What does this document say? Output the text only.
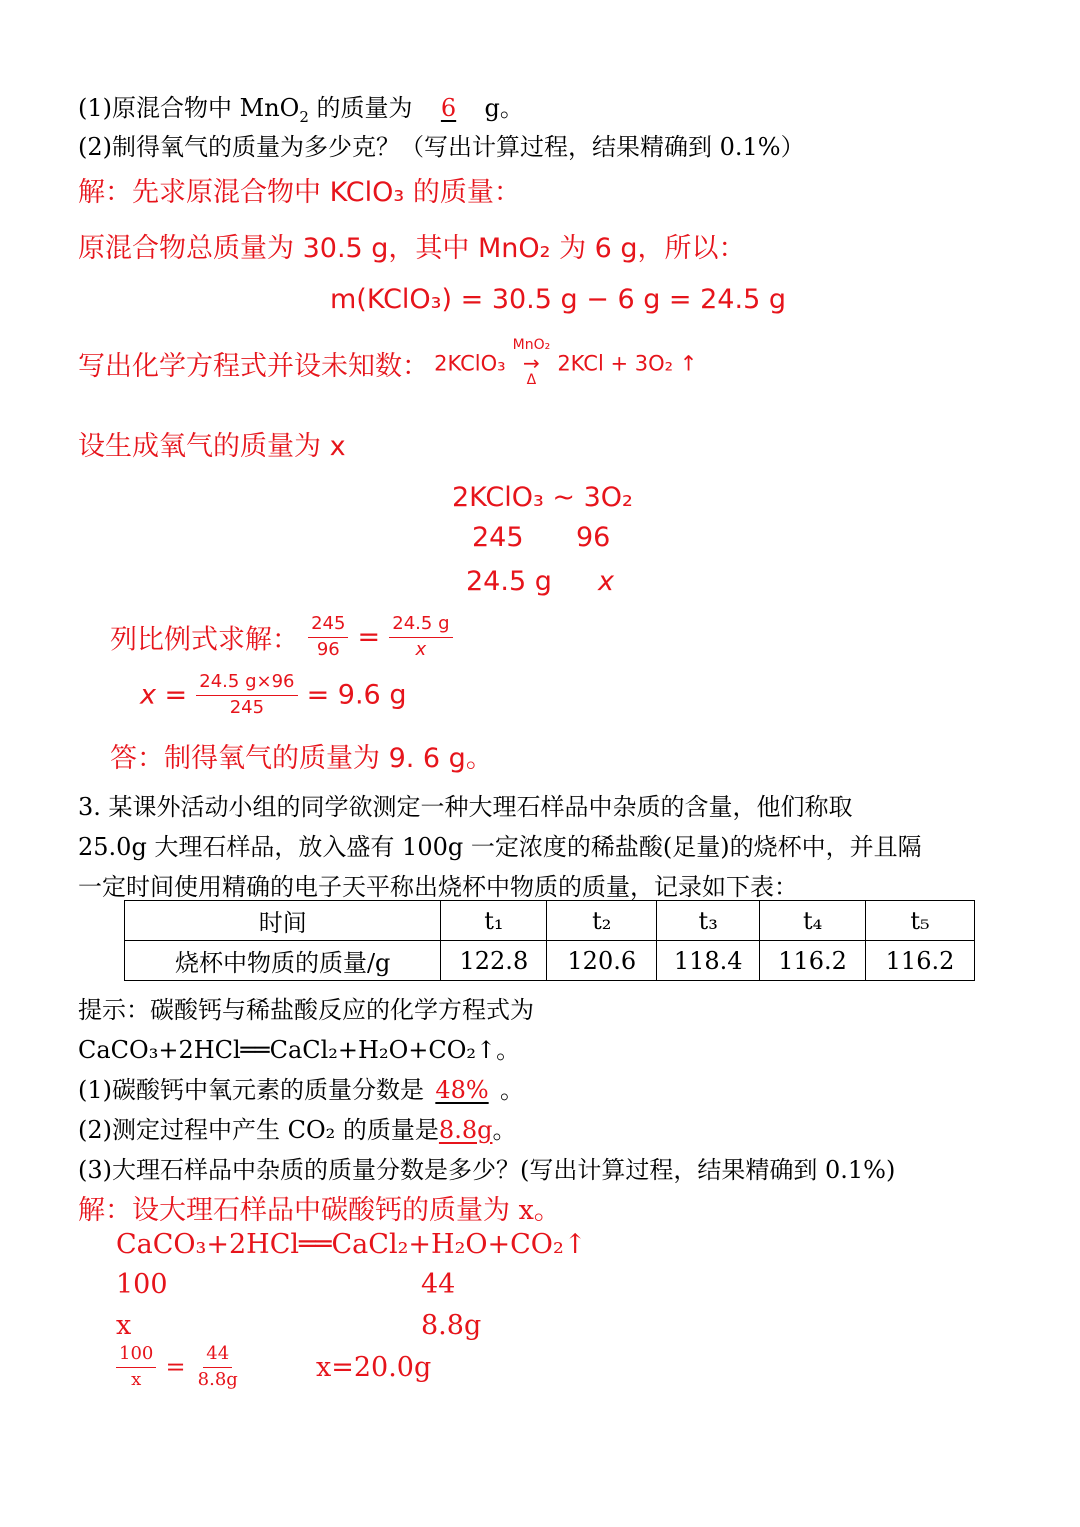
(1)原混合物中 MnO$_2$ 的质量为 6 g。
(2)制得氧气的质量为多少克？（写出计算过程，结果精确到 0.1%）
解：先求原混合物中 KClO₃ 的质量：
原混合物总质量为 30.5 g，其中 MnO₂ 为 6 g，所以：
m(KClO₃) = 30.5 g − 6 g = 24.5 g
写出化学方程式并设未知数： 2KClO₃
MnO₂
→
Δ
2KCl + 3O₂ ↑
设生成氧气的质量为 x
2KClO₃ ~ 3O₂
245 96
24.5 g x
列比例式求解： $\frac{245}{96} = \frac{24.5 g}{x}$
$x = \frac{24.5 g\times 96}{245} = 9.6$ g
答：制得氧气的质量为 9. 6 g。
3. 某课外活动小组的同学欲测定一种大理石样品中杂质的含量，他们称取
25.0g 大理石样品，放入盛有 100g 一定浓度的稀盐酸(足量)的烧杯中，并且隔
一定时间使用精确的电子天平称出烧杯中物质的质量，记录如下表：
时间	t₁	t₂	t₃	t₄	t₅
烧杯中物质的质量/g	122.8	120.6	118.4	116.2	116.2
提示：碳酸钙与稀盐酸反应的化学方程式为
CaCO₃+2HCl══CaCl₂+H₂O+CO₂↑。
(1)碳酸钙中氧元素的质量分数是 48% 。
(2)测定过程中产生 CO₂ 的质量是8.8g。
(3)大理石样品中杂质的质量分数是多少？(写出计算过程，结果精确到 0.1%)
解：设大理石样品中碳酸钙的质量为 x。
CaCO₃+2HCl══CaCl₂+H₂O+CO₂↑
100	44
x	8.8g
$\frac{100}{x} = \frac{44}{8.8g}$	x=20.0g
